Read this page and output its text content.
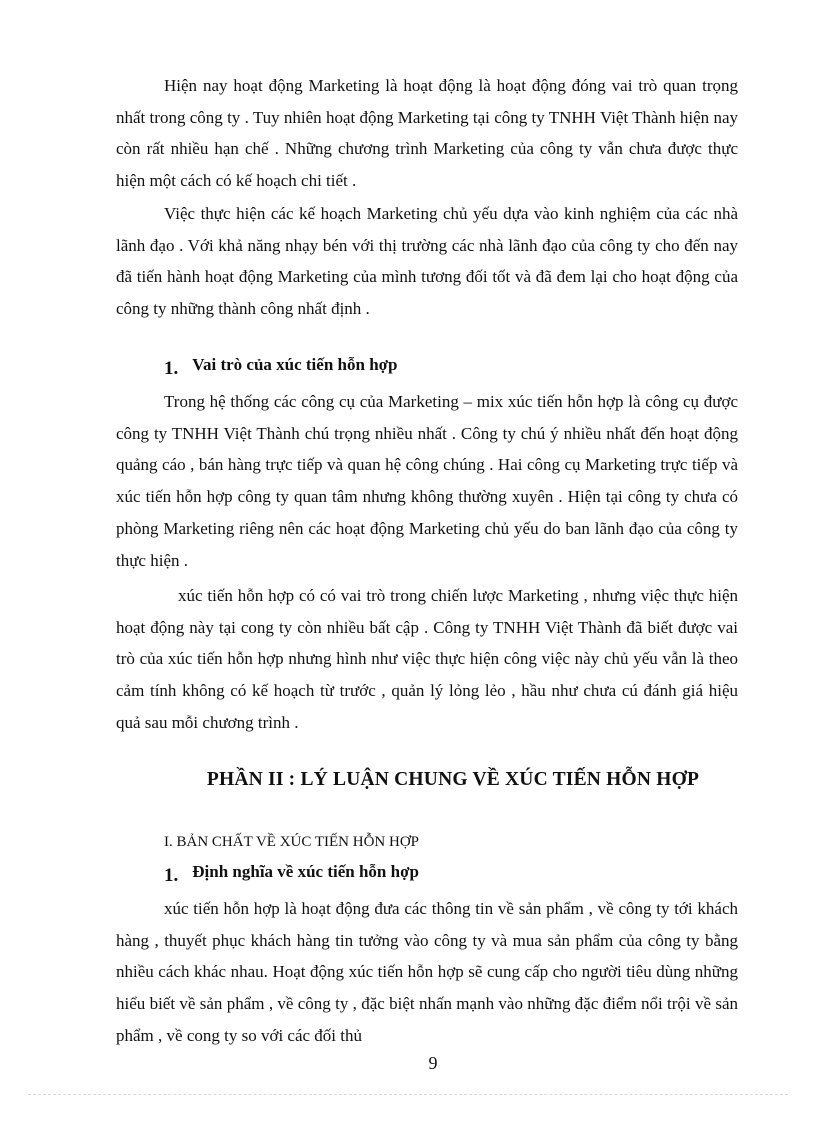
Hiện nay hoạt động Marketing là hoạt động là hoạt động đóng vai trò quan trọng nhất trong công ty . Tuy nhiên hoạt động Marketing tại công ty TNHH Việt Thành hiện nay còn rất nhiều hạn chế . Những chương trình Marketing của công ty vẫn chưa được thực hiện một cách có kế hoạch chi tiết .

Việc thực hiện các kế hoạch Marketing chủ yếu dựa vào kinh nghiệm của các nhà lãnh đạo . Với khả năng nhạy bén với thị trường các nhà lãnh đạo của công ty cho đến nay đã tiến hành hoạt động Marketing của mình tương đối tốt và đã đem lại cho hoạt động của công ty những thành công nhất định .

1. Vai trò của xúc tiến hỗn hợp

Trong hệ thống các công cụ của Marketing – mix xúc tiến hỗn hợp là công cụ được công ty TNHH Việt Thành chú trọng nhiều nhất . Công ty chú ý nhiều nhất đến hoạt động quảng cáo , bán hàng trực tiếp và quan hệ công chúng . Hai công cụ Marketing trực tiếp và xúc tiến hỗn hợp công ty quan tâm nhưng không thường xuyên . Hiện tại công ty chưa có phòng Marketing riêng nên các hoạt động Marketing chủ yếu do ban lãnh đạo của công ty thực hiện .

xúc tiến hỗn hợp có có vai trò trong chiến lược Marketing , nhưng việc thực hiện hoạt động này tại cong ty còn nhiều bất cập . Công ty TNHH Việt Thành đã biết được vai trò của xúc tiến hỗn hợp nhưng hình như việc thực hiện công việc này chủ yếu vẫn là theo cảm tính không có kế hoạch từ trước , quản lý lỏng lẻo , hầu như chưa cú đánh giá hiệu quả sau mỗi chương trình .

PHẦN II : LÝ LUẬN CHUNG VỀ XÚC TIẾN HỖN HỢP

I. BẢN CHẤT VỀ XÚC TIẾN HỖN HỢP

1. Định nghĩa về xúc tiến hỗn hợp

xúc tiến hỗn hợp là hoạt động đưa các thông tin về sản phẩm , về công ty tới khách hàng , thuyết phục khách hàng tin tưởng vào công ty và mua sản phẩm của công ty bằng nhiều cách khác nhau. Hoạt động xúc tiến hỗn hợp sẽ cung cấp cho người tiêu dùng những hiểu biết về sản phẩm , về công ty , đặc biệt nhấn mạnh vào những đặc điểm nổi trội về sản phẩm , về cong ty so với các đối thủ

9
